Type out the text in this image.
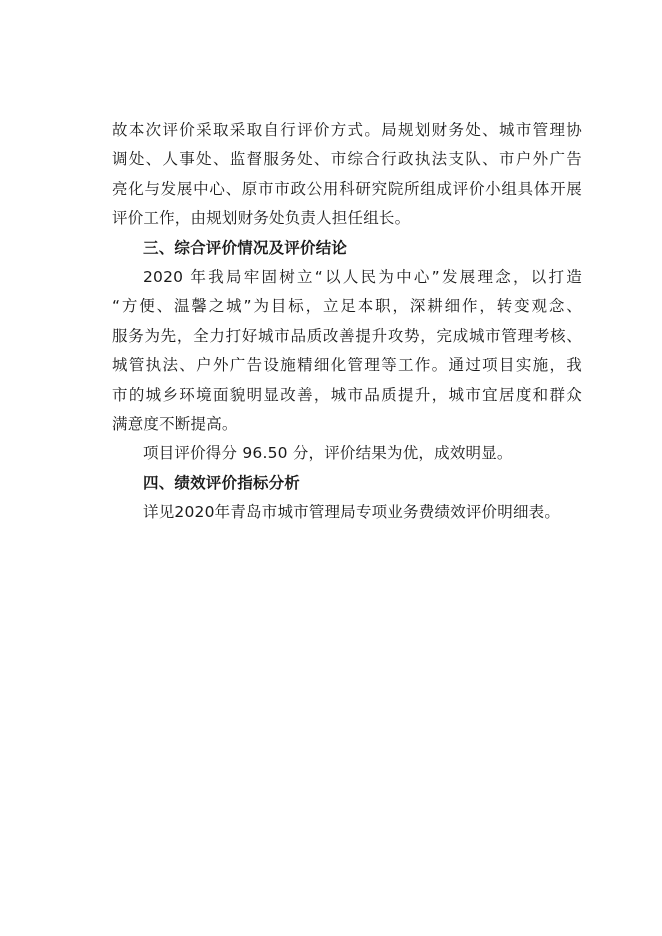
故本次评价采取采取自行评价方式。局规划财务处、城市管理协
调处、人事处、监督服务处、市综合行政执法支队、市户外广告
亮化与发展中心、原市市政公用科研究院所组成评价小组具体开展
评价工作，由规划财务处负责人担任组长。
三、综合评价情况及评价结论
2020 年我局牢固树立“以人民为中心”发展理念，以打造
“方便、温馨之城”为目标，立足本职，深耕细作，转变观念、
服务为先，全力打好城市品质改善提升攻势，完成城市管理考核、
城管执法、户外广告设施精细化管理等工作。通过项目实施，我
市的城乡环境面貌明显改善，城市品质提升，城市宜居度和群众
满意度不断提高。
项目评价得分 96.50 分，评价结果为优，成效明显。
四、绩效评价指标分析
详见2020年青岛市城市管理局专项业务费绩效评价明细表。
